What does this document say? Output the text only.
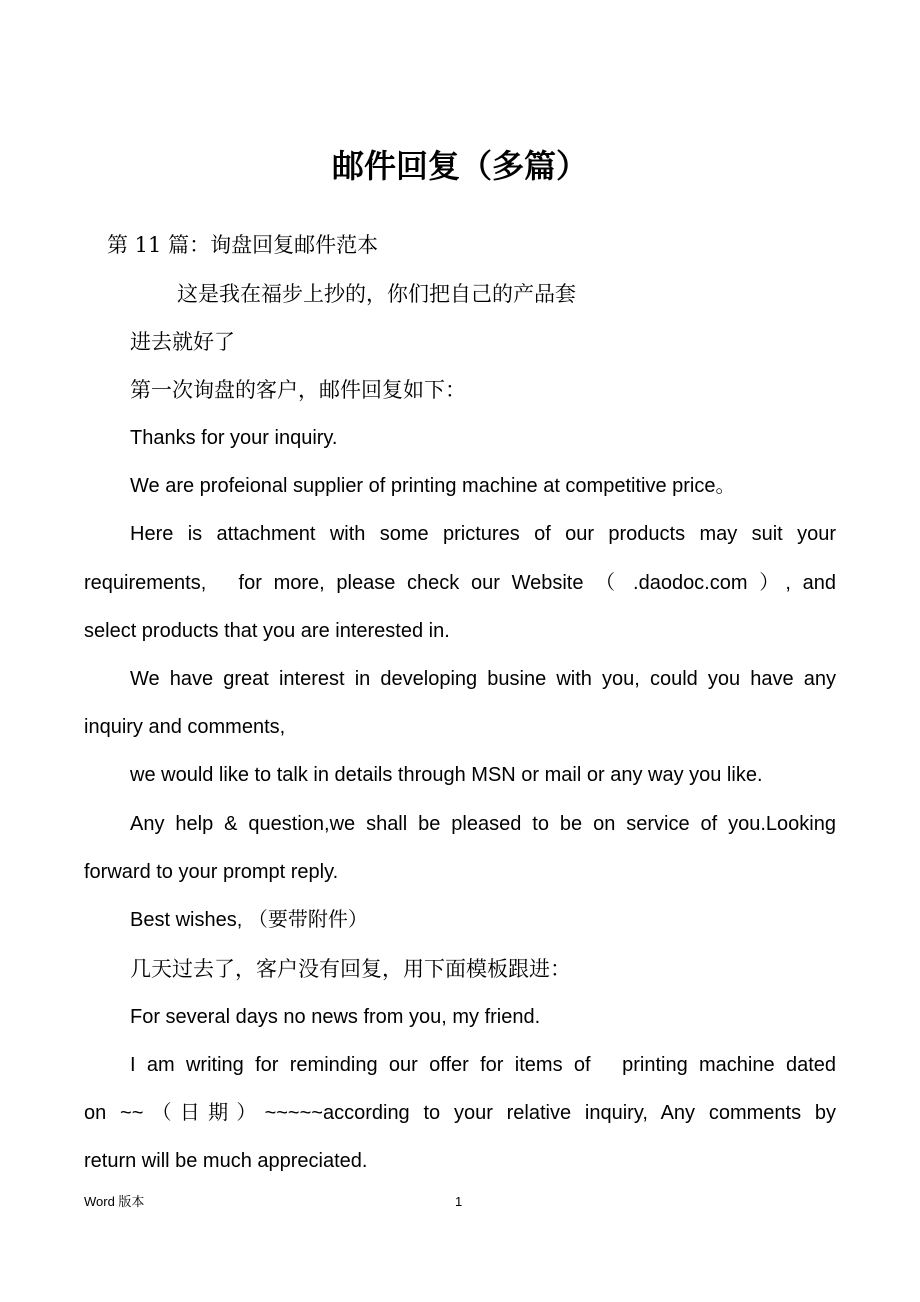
邮件回复（多篇）
第 11 篇：询盘回复邮件范本
这是我在福步上抄的，你们把自己的产品套
进去就好了
第一次询盘的客户，邮件回复如下：
Thanks for your inquiry.
We are profeional supplier of printing machine at competitive price。
Here is attachment with some prictures of our products may suit your
requirements,　for more, please check our Website （ .daodoc.com ）, and
select products that you are interested in.
We have great interest in developing busine with you, could you have any
inquiry and comments,
we would like to talk in details through MSN or mail or any way you like.
Any help & question,we shall be pleased to be on service of you.Looking
forward to your prompt reply.
Best wishes, （要带附件）
几天过去了，客户没有回复，用下面模板跟进：
For several days no news from you, my friend.
I am writing for reminding our offer for items of　printing machine dated
on ~~（日期）~~~~~according to your relative inquiry, Any comments by
return will be much appreciated.
Word 版本	1
